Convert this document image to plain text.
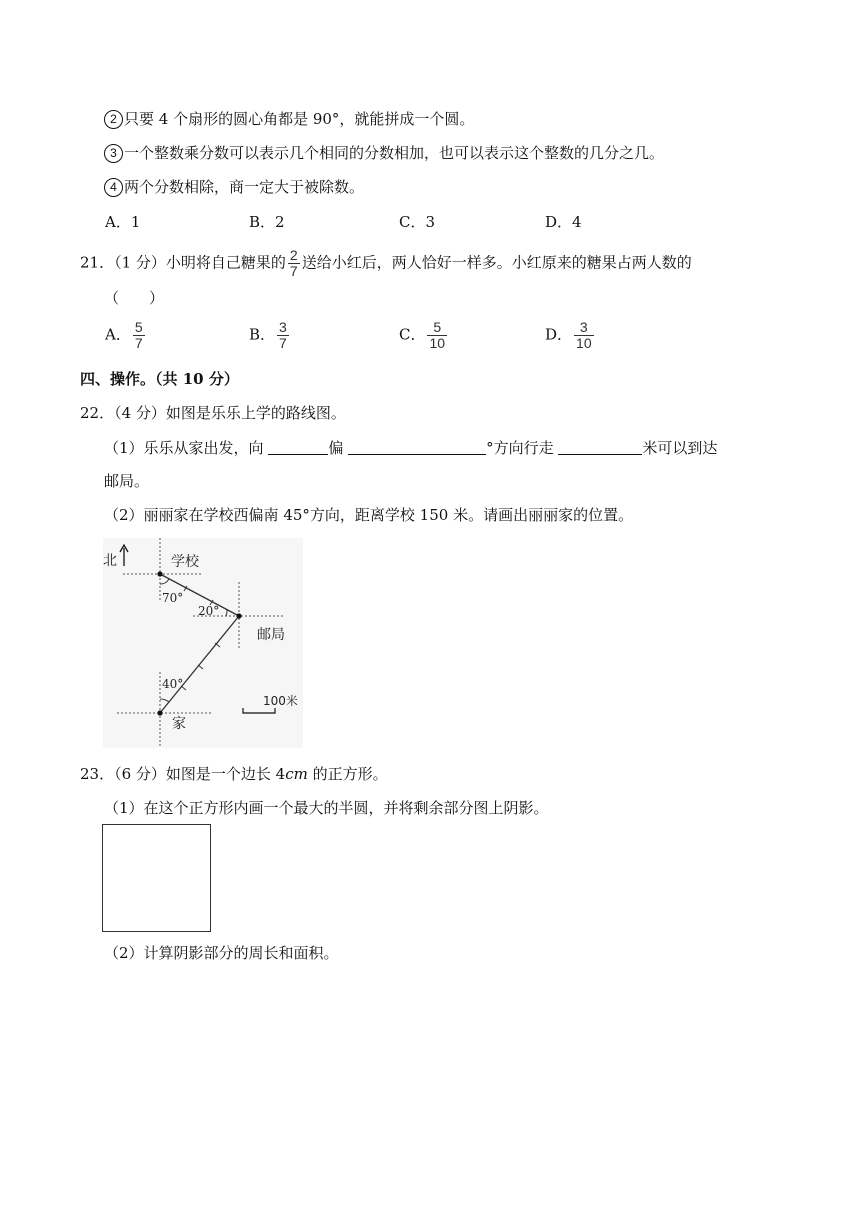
2 只要 4 个扇形的圆心角都是 90°，就能拼成一个圆。
3 一个整数乘分数可以表示几个相同的分数相加，也可以表示这个整数的几分之几。
4 两个分数相除，商一定大于被除数。
A．1	B．2	C．3	D．4
21．（1 分）小明将自己糖果的 $\frac{2}{7}$ 送给小红后，两人恰好一样多。小红原来的糖果占两人数的
（　　）
A． $\frac{5}{7}$	B． $\frac{3}{7}$	C． $\frac{5}{10}$	D． $\frac{3}{10}$
四、操作。（共 10 分）
22．（4 分）如图是乐乐上学的路线图。
（1）乐乐从家出发，向	偏	°方向行走	米可以到达
邮局。
（2）丽丽家在学校西偏南 45°方向，距离学校 150 米。请画出丽丽家的位置。
北	学校
70°
20°
邮局
40°
家
100米
23．（6 分）如图是一个边长 4cm 的正方形。
（1）在这个正方形内画一个最大的半圆，并将剩余部分图上阴影。
（2）计算阴影部分的周长和面积。
